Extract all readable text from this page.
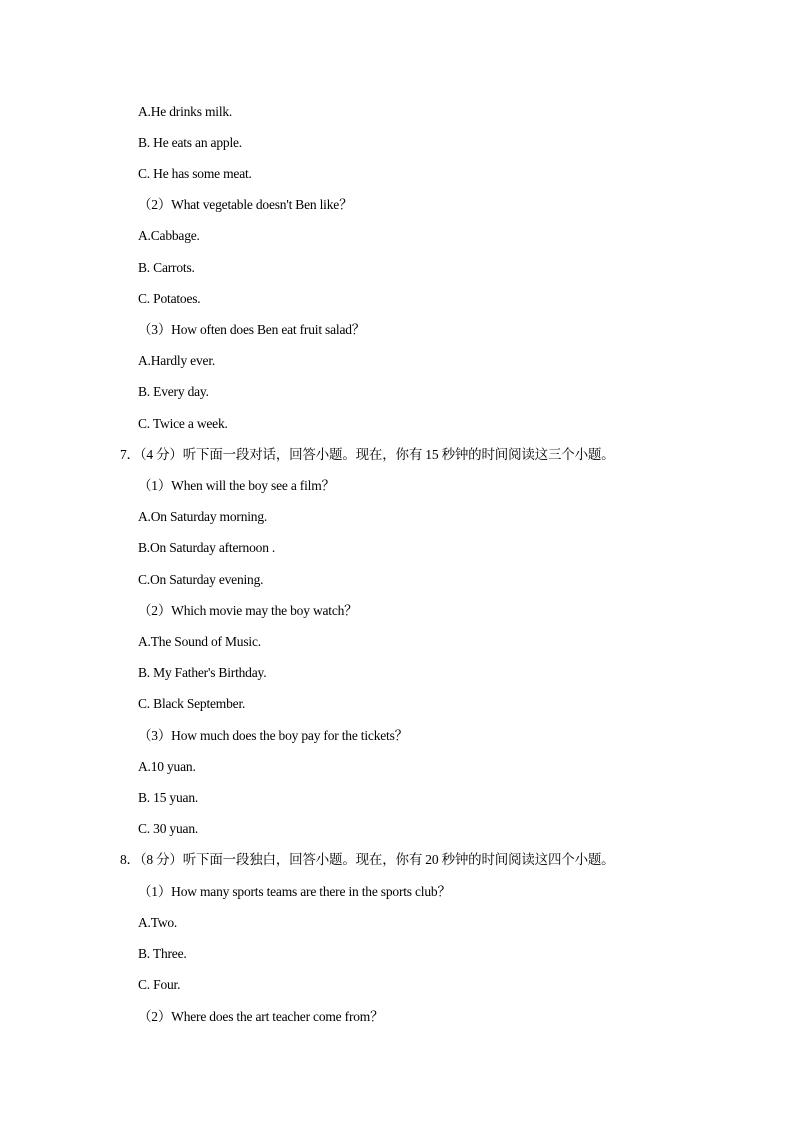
A.He drinks milk.
B. He eats an apple.
C. He has some meat.
（2）What vegetable doesn't Ben like？
A.Cabbage.
B. Carrots.
C. Potatoes.
（3）How often does Ben eat fruit salad？
A.Hardly ever.
B. Every day.
C. Twice a week.
7．（4 分）听下面一段对话，回答小题。现在，你有 15 秒钟的时间阅读这三个小题。
（1）When will the boy see a film？
A.On Saturday morning.
B.On Saturday afternoon .
C.On Saturday evening.
（2）Which movie may the boy watch？
A.The Sound of Music.
B. My Father's Birthday.
C. Black September.
（3）How much does the boy pay for the tickets？
A.10 yuan.
B. 15 yuan.
C. 30 yuan.
8．（8 分）听下面一段独白，回答小题。现在，你有 20 秒钟的时间阅读这四个小题。
（1）How many sports teams are there in the sports club？
A.Two.
B. Three.
C. Four.
（2）Where does the art teacher come from？
